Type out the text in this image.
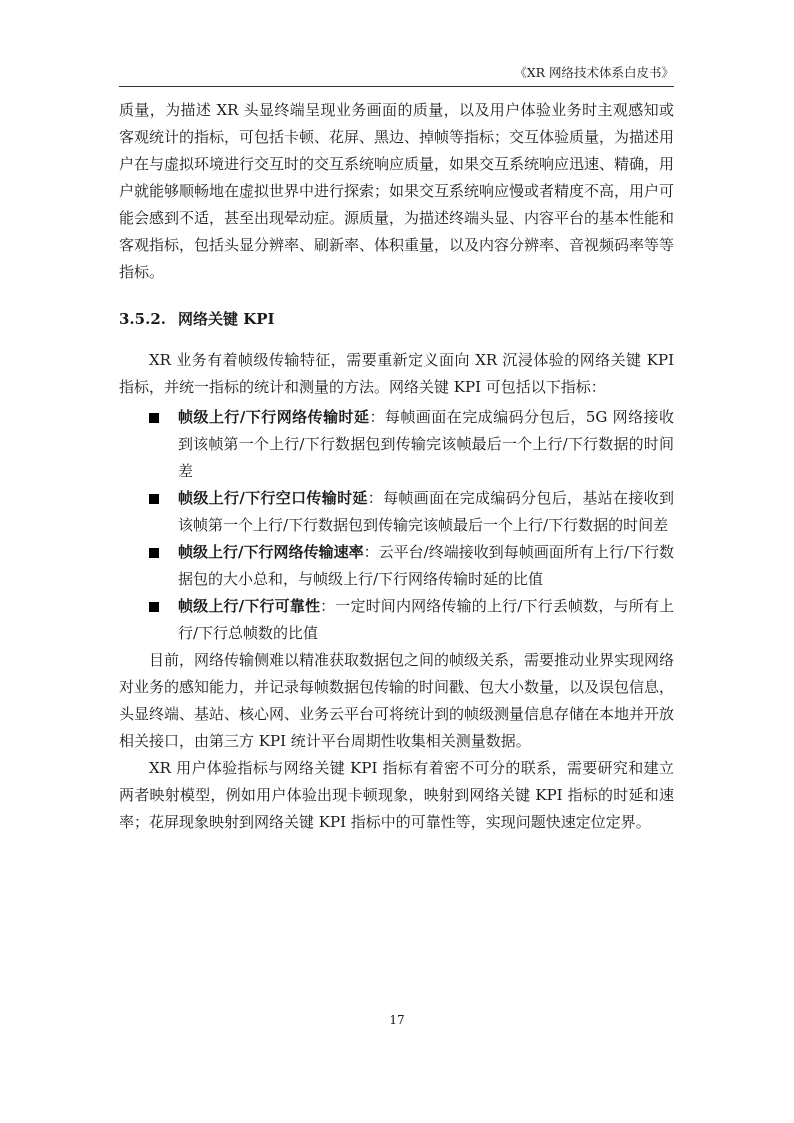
《XR 网络技术体系白皮书》

质量，为描述 XR 头显终端呈现业务画面的质量，以及用户体验业务时主观感知或客观统计的指标，可包括卡顿、花屏、黑边、掉帧等指标；交互体验质量，为描述用户在与虚拟环境进行交互时的交互系统响应质量，如果交互系统响应迅速、精确，用户就能够顺畅地在虚拟世界中进行探索；如果交互系统响应慢或者精度不高，用户可能会感到不适，甚至出现晕动症。源质量，为描述终端头显、内容平台的基本性能和客观指标，包括头显分辨率、刷新率、体积重量，以及内容分辨率、音视频码率等等指标。

3.5.2. 网络关键 KPI

XR 业务有着帧级传输特征，需要重新定义面向 XR 沉浸体验的网络关键 KPI 指标，并统一指标的统计和测量的方法。网络关键 KPI 可包括以下指标：

帧级上行/下行网络传输时延：每帧画面在完成编码分包后，5G 网络接收到该帧第一个上行/下行数据包到传输完该帧最后一个上行/下行数据的时间差
帧级上行/下行空口传输时延：每帧画面在完成编码分包后，基站在接收到该帧第一个上行/下行数据包到传输完该帧最后一个上行/下行数据的时间差
帧级上行/下行网络传输速率：云平台/终端接收到每帧画面所有上行/下行数据包的大小总和，与帧级上行/下行网络传输时延的比值
帧级上行/下行可靠性：一定时间内网络传输的上行/下行丢帧数，与所有上行/下行总帧数的比值

目前，网络传输侧难以精准获取数据包之间的帧级关系，需要推动业界实现网络对业务的感知能力，并记录每帧数据包传输的时间戳、包大小数量，以及误包信息，头显终端、基站、核心网、业务云平台可将统计到的帧级测量信息存储在本地并开放相关接口，由第三方 KPI 统计平台周期性收集相关测量数据。

XR 用户体验指标与网络关键 KPI 指标有着密不可分的联系，需要研究和建立两者映射模型，例如用户体验出现卡顿现象，映射到网络关键 KPI 指标的时延和速率；花屏现象映射到网络关键 KPI 指标中的可靠性等，实现问题快速定位定界。

17
